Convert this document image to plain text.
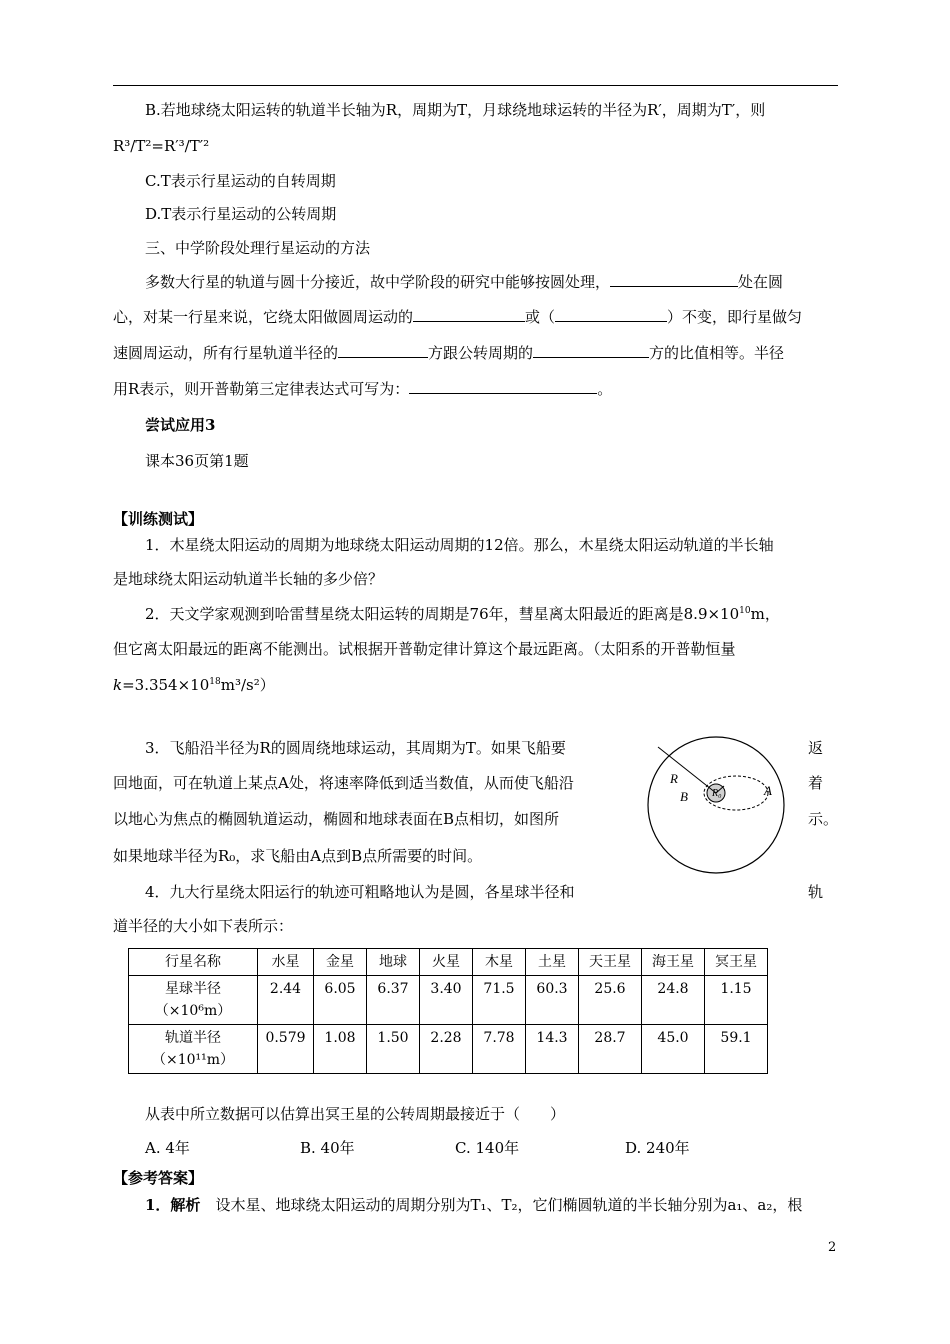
B.若地球绕太阳运转的轨道半长轴为R，周期为T，月球绕地球运转的半径为R′，周期为T′，则
R³/T²=R′³/T′²
C.T表示行星运动的自转周期
D.T表示行星运动的公转周期
三、中学阶段处理行星运动的方法
多数大行星的轨道与圆十分接近，故中学阶段的研究中能够按圆处理，	处在圆
心，对某一行星来说，它绕太阳做圆周运动的	或（	）不变，即行星做匀
速圆周运动，所有行星轨道半径的	方跟公转周期的	方的比值相等。半径
用R表示，则开普勒第三定律表达式可写为：	。
尝试应用3
课本36页第1题
【训练测试】
1．木星绕太阳运动的周期为地球绕太阳运动周期的12倍。那么，木星绕太阳运动轨道的半长轴
是地球绕太阳运动轨道半长轴的多少倍？
2．天文学家观测到哈雷彗星绕太阳运转的周期是76年，彗星离太阳最近的距离是$8.9\times 10^{10}m$，
但它离太阳最远的距离不能测出。试根据开普勒定律计算这个最远距离。（太阳系的开普勒恒量
$k=3.354\times 10^{18}m^3/s^2$）
3．飞船沿半径为R的圆周绕地球运动，其周期为T。如果飞船要	返
回地面，可在轨道上某点A处，将速率降低到适当数值，从而使飞船沿	着
以地心为焦点的椭圆轨道运动，椭圆和地球表面在B点相切，如图所	示。
如果地球半径为R₀，求飞船由A点到B点所需要的时间。
R
B R₀	A
4．九大行星绕太阳运行的轨迹可粗略地认为是圆，各星球半径和	轨
道半径的大小如下表所示：
行星名称	水星	金星	地球	火星	木星	土星	天王星	海王星	冥王星

星球半径
（×10⁶m）	2.44	6.05	6.37	3.40	71.5	60.3	25.6	24.8	1.15

轨道半径
（×10¹¹m）	0.579	1.08	1.50	2.28	7.78	14.3	28.7	45.0	59.1
从表中所立数据可以估算出冥王星的公转周期最接近于（　　）
A. 4年	B. 40年	C. 140年	D. 240年
【参考答案】
1．解析　设木星、地球绕太阳运动的周期分别为T₁、T₂，它们椭圆轨道的半长轴分别为a₁、a₂，根
2
